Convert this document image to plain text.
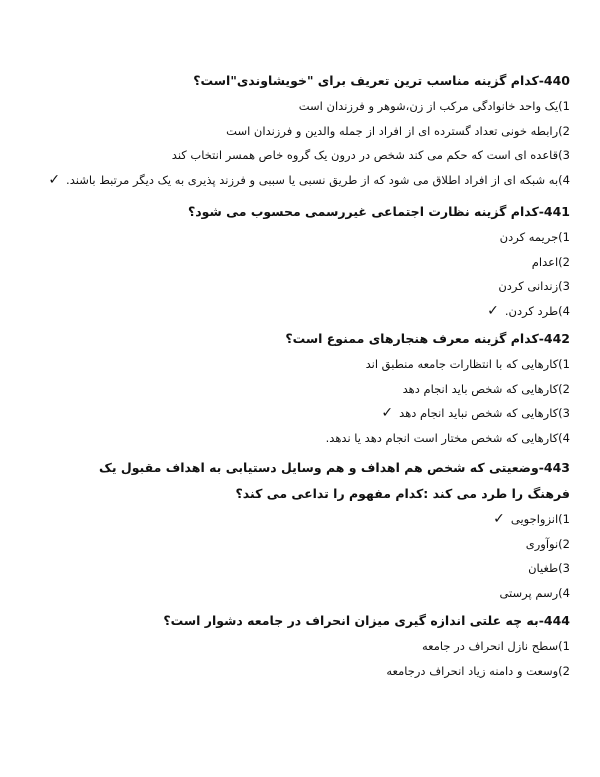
440-کدام گزینه مناسب ترین تعریف برای "خویشاوندی"است؟

1)یک واحد خانوادگی مرکب از زن،شوهر و فرزندان است
2)رابطه خونی تعداد گسترده ای از افراد از جمله والدین و فرزندان است
3)قاعده ای است که حکم می کند شخص در درون یک گروه خاص همسر انتخاب کند
4)به شبکه ای از افراد اطلاق می شود که از طریق نسبی یا سببی و فرزند پذیری به یک دیگر مرتبط باشند.✓

441-کدام گزینه نظارت اجتماعی غیررسمی محسوب می شود؟

1)جریمه کردن
2)اعدام
3)زندانی کردن
4)طرد کردن.✓

442-کدام گزینه معرف هنجارهای ممنوع است؟

1)کارهایی که با انتظارات جامعه منطبق اند
2)کارهایی که شخص باید انجام دهد
3)کارهایی که شخص نباید انجام دهد✓
4)کارهایی که شخص مختار است انجام دهد یا ندهد.

443-وضعیتی که شخص هم اهداف و هم وسایل دستیابی به اهداف مقبول یک فرهنگ را طرد می کند :کدام مفهوم را تداعی می کند؟

1)انزواجویی✓
2)نوآوری
3)طغیان
4)رسم پرستی

444-به چه علتی اندازه گیری میزان انحراف در جامعه دشوار است؟

1)سطح نازل انحراف در جامعه
2)وسعت و دامنه زیاد انحراف درجامعه
